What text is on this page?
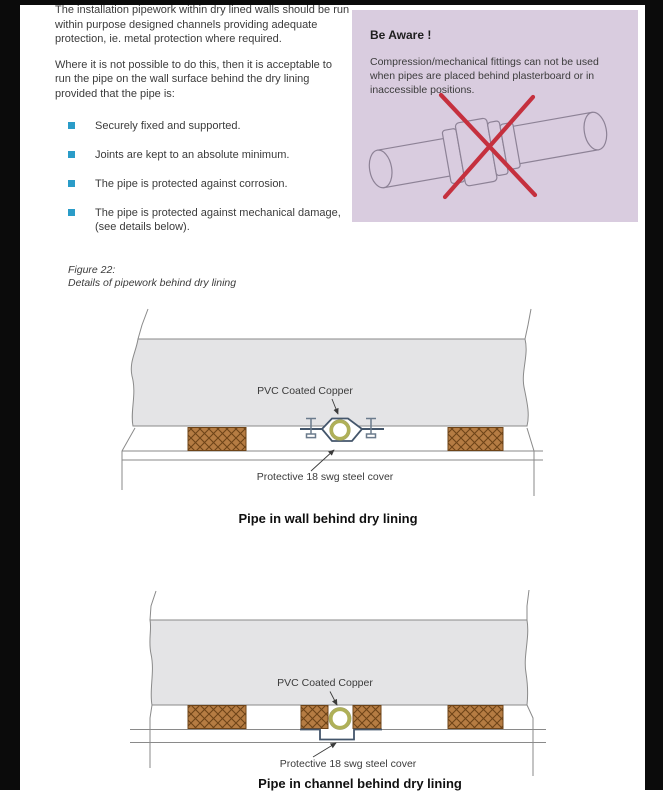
The installation pipework within dry lined walls should be run within purpose designed channels providing adequate protection, ie. metal protection where required.

Where it is not possible to do this, then it is acceptable to run the pipe on the wall surface behind the dry lining provided that the pipe is:

Securely fixed and supported.
Joints are kept to an absolute minimum.
The pipe is protected against corrosion.
The pipe is protected against mechanical damage, (see details below).
Be Aware !

Compression/mechanical fittings can not be used when pipes are placed behind plasterboard or in inaccessible positions.

Figure 22:
Details of pipework behind dry lining
PVC Coated Copper
Protective 18 swg steel cover
Pipe in wall behind dry lining
PVC Coated Copper
Protective 18 swg steel cover
Pipe in channel behind dry lining
